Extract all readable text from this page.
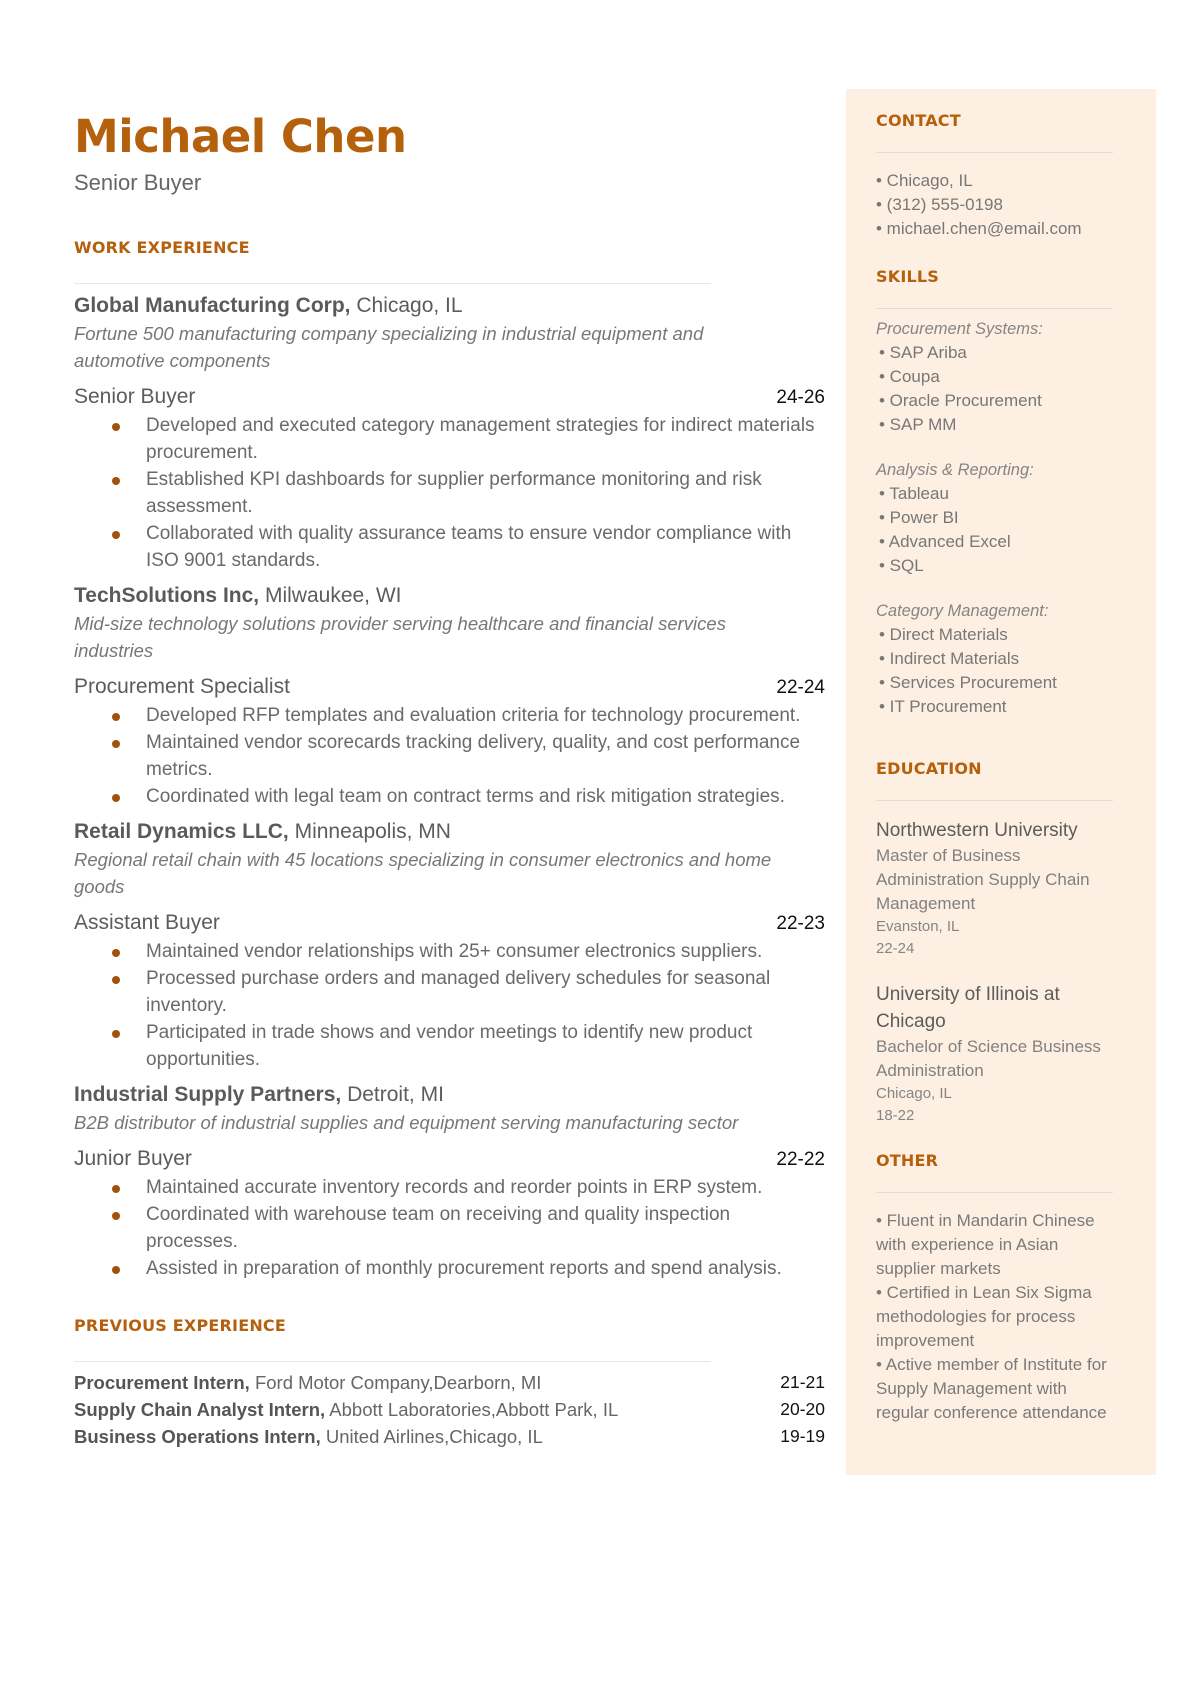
Michael Chen
Senior Buyer
WORK EXPERIENCE
Global Manufacturing Corp, Chicago, IL
Fortune 500 manufacturing company specializing in industrial equipment and automotive components
Senior Buyer	24-26
Developed and executed category management strategies for indirect materials procurement.
Established KPI dashboards for supplier performance monitoring and risk assessment.
Collaborated with quality assurance teams to ensure vendor compliance with ISO 9001 standards.
TechSolutions Inc, Milwaukee, WI
Mid-size technology solutions provider serving healthcare and financial services industries
Procurement Specialist	22-24
Developed RFP templates and evaluation criteria for technology procurement.
Maintained vendor scorecards tracking delivery, quality, and cost performance metrics.
Coordinated with legal team on contract terms and risk mitigation strategies.
Retail Dynamics LLC, Minneapolis, MN
Regional retail chain with 45 locations specializing in consumer electronics and home goods
Assistant Buyer	22-23
Maintained vendor relationships with 25+ consumer electronics suppliers.
Processed purchase orders and managed delivery schedules for seasonal inventory.
Participated in trade shows and vendor meetings to identify new product opportunities.
Industrial Supply Partners, Detroit, MI
B2B distributor of industrial supplies and equipment serving manufacturing sector
Junior Buyer	22-22
Maintained accurate inventory records and reorder points in ERP system.
Coordinated with warehouse team on receiving and quality inspection processes.
Assisted in preparation of monthly procurement reports and spend analysis.
PREVIOUS EXPERIENCE
Procurement Intern, Ford Motor Company,Dearborn, MI	21-21
Supply Chain Analyst Intern, Abbott Laboratories,Abbott Park, IL	20-20
Business Operations Intern, United Airlines,Chicago, IL	19-19
CONTACT
• Chicago, IL
• (312) 555-0198
• michael.chen@email.com
SKILLS
Procurement Systems:
• SAP Ariba
• Coupa
• Oracle Procurement
• SAP MM
Analysis & Reporting:
• Tableau
• Power BI
• Advanced Excel
• SQL
Category Management:
• Direct Materials
• Indirect Materials
• Services Procurement
• IT Procurement
EDUCATION
Northwestern University
Master of Business Administration Supply Chain Management
Evanston, IL
22-24
University of Illinois at Chicago
Bachelor of Science Business Administration
Chicago, IL
18-22
OTHER
• Fluent in Mandarin Chinese with experience in Asian supplier markets
• Certified in Lean Six Sigma methodologies for process improvement
• Active member of Institute for Supply Management with regular conference attendance
